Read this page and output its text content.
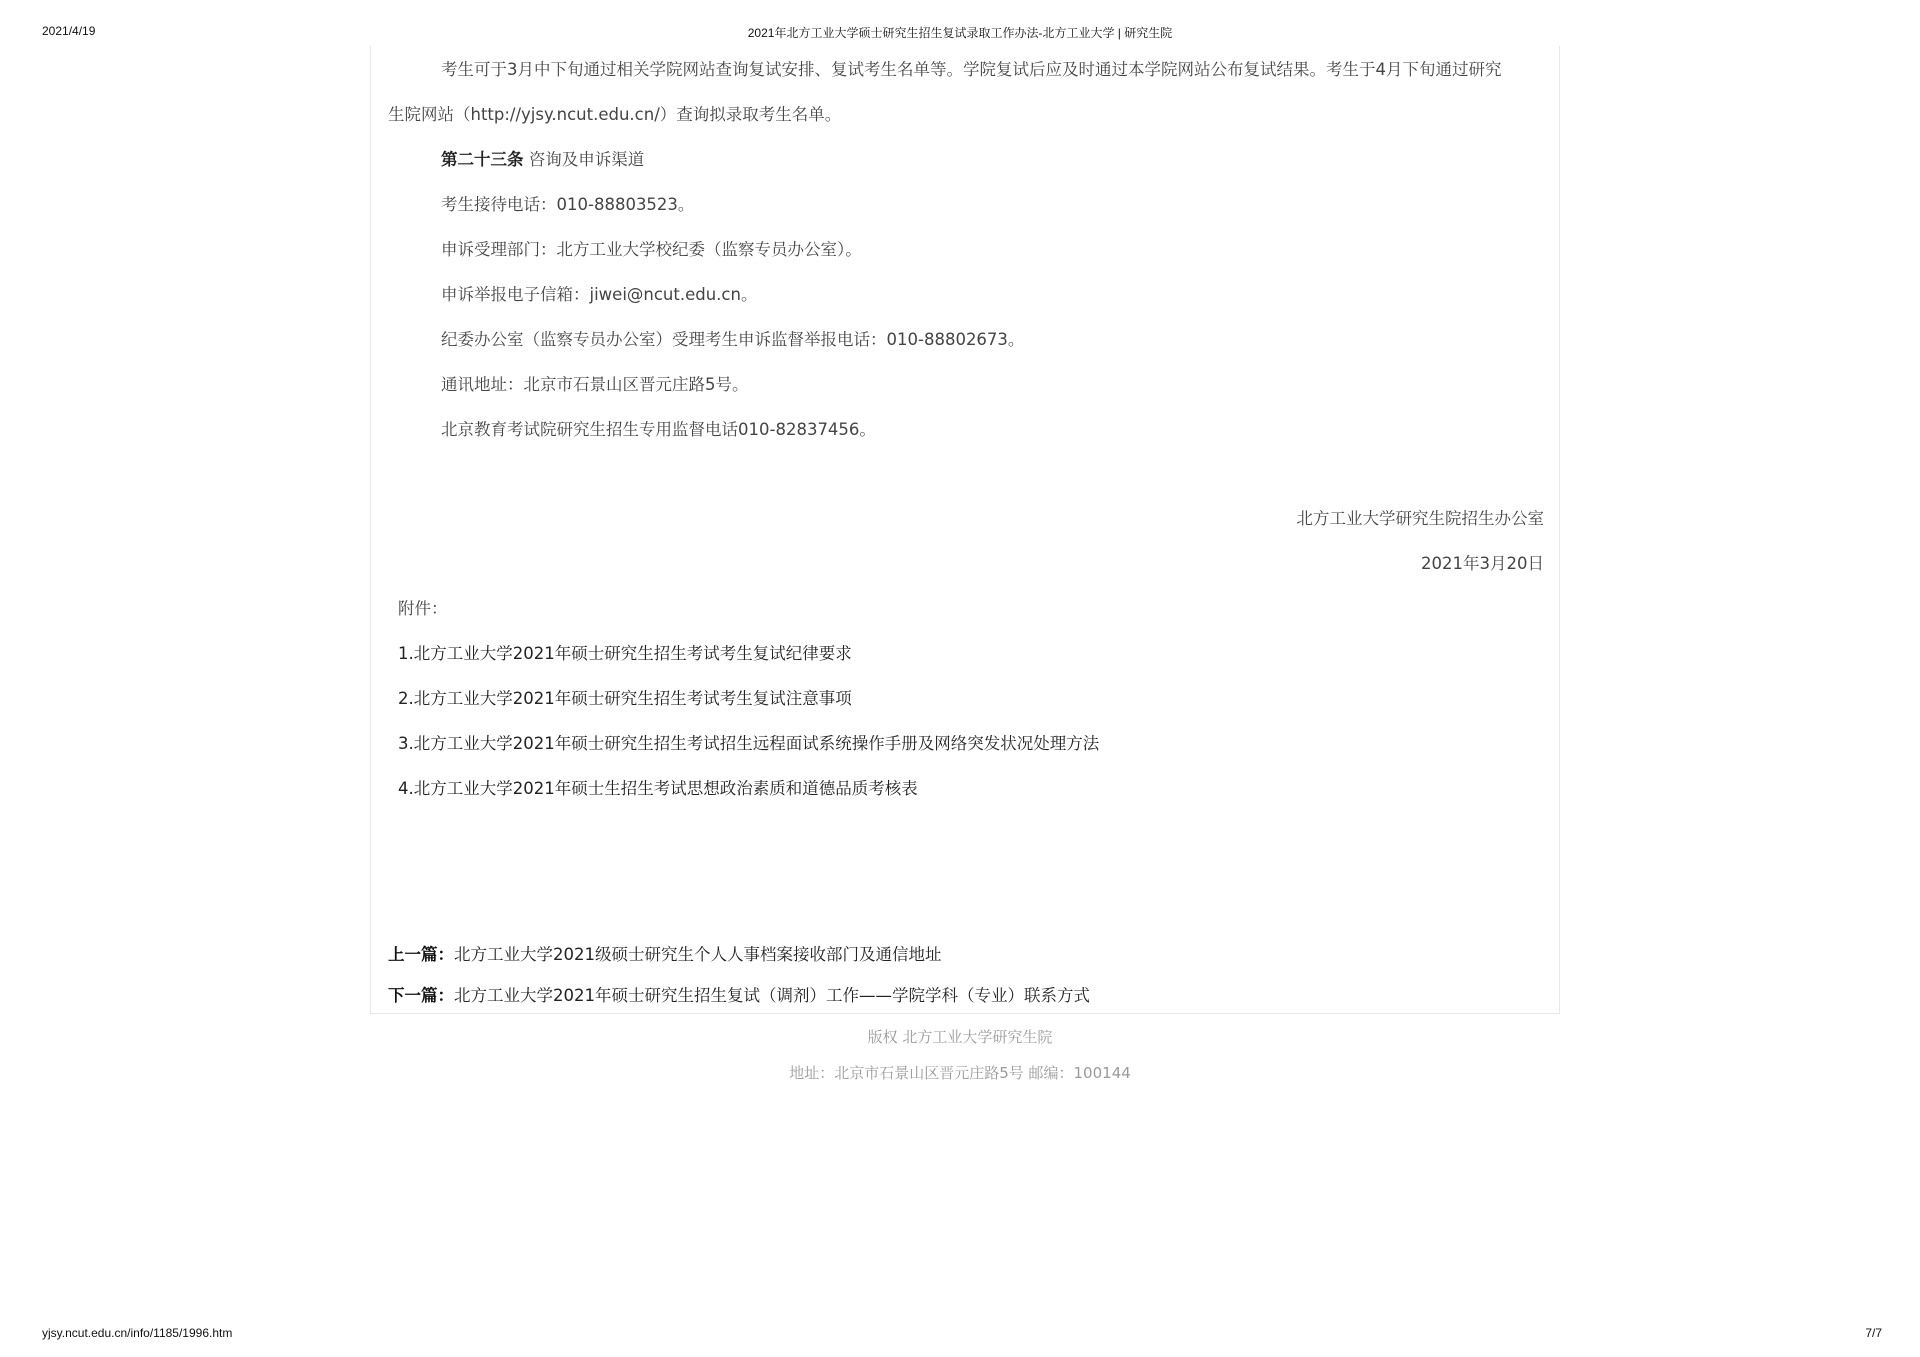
2021/4/19	2021年北方工业大学硕士研究生招生复试录取工作办法-北方工业大学 | 研究生院
考生可于3月中下旬通过相关学院网站查询复试安排、复试考生名单等。学院复试后应及时通过本学院网站公布复试结果。考生于4月下旬通过研究
生院网站（http://yjsy.ncut.edu.cn/）查询拟录取考生名单。
第二十三条 咨询及申诉渠道
考生接待电话：010-88803523。
申诉受理部门：北方工业大学校纪委（监察专员办公室）。
申诉举报电子信箱：jiwei@ncut.edu.cn。
纪委办公室（监察专员办公室）受理考生申诉监督举报电话：010-88802673。
通讯地址：北京市石景山区晋元庄路5号。
北京教育考试院研究生招生专用监督电话010-82837456。
北方工业大学研究生院招生办公室
2021年3月20日
附件：
1.北方工业大学2021年硕士研究生招生考试考生复试纪律要求
2.北方工业大学2021年硕士研究生招生考试考生复试注意事项
3.北方工业大学2021年硕士研究生招生考试招生远程面试系统操作手册及网络突发状况处理方法
4.北方工业大学2021年硕士生招生考试思想政治素质和道德品质考核表
上一篇：北方工业大学2021级硕士研究生个人人事档案接收部门及通信地址
下一篇：北方工业大学2021年硕士研究生招生复试（调剂）工作——学院学科（专业）联系方式
版权 北方工业大学研究生院
地址：北京市石景山区晋元庄路5号 邮编：100144
yjsy.ncut.edu.cn/info/1185/1996.htm	7/7
